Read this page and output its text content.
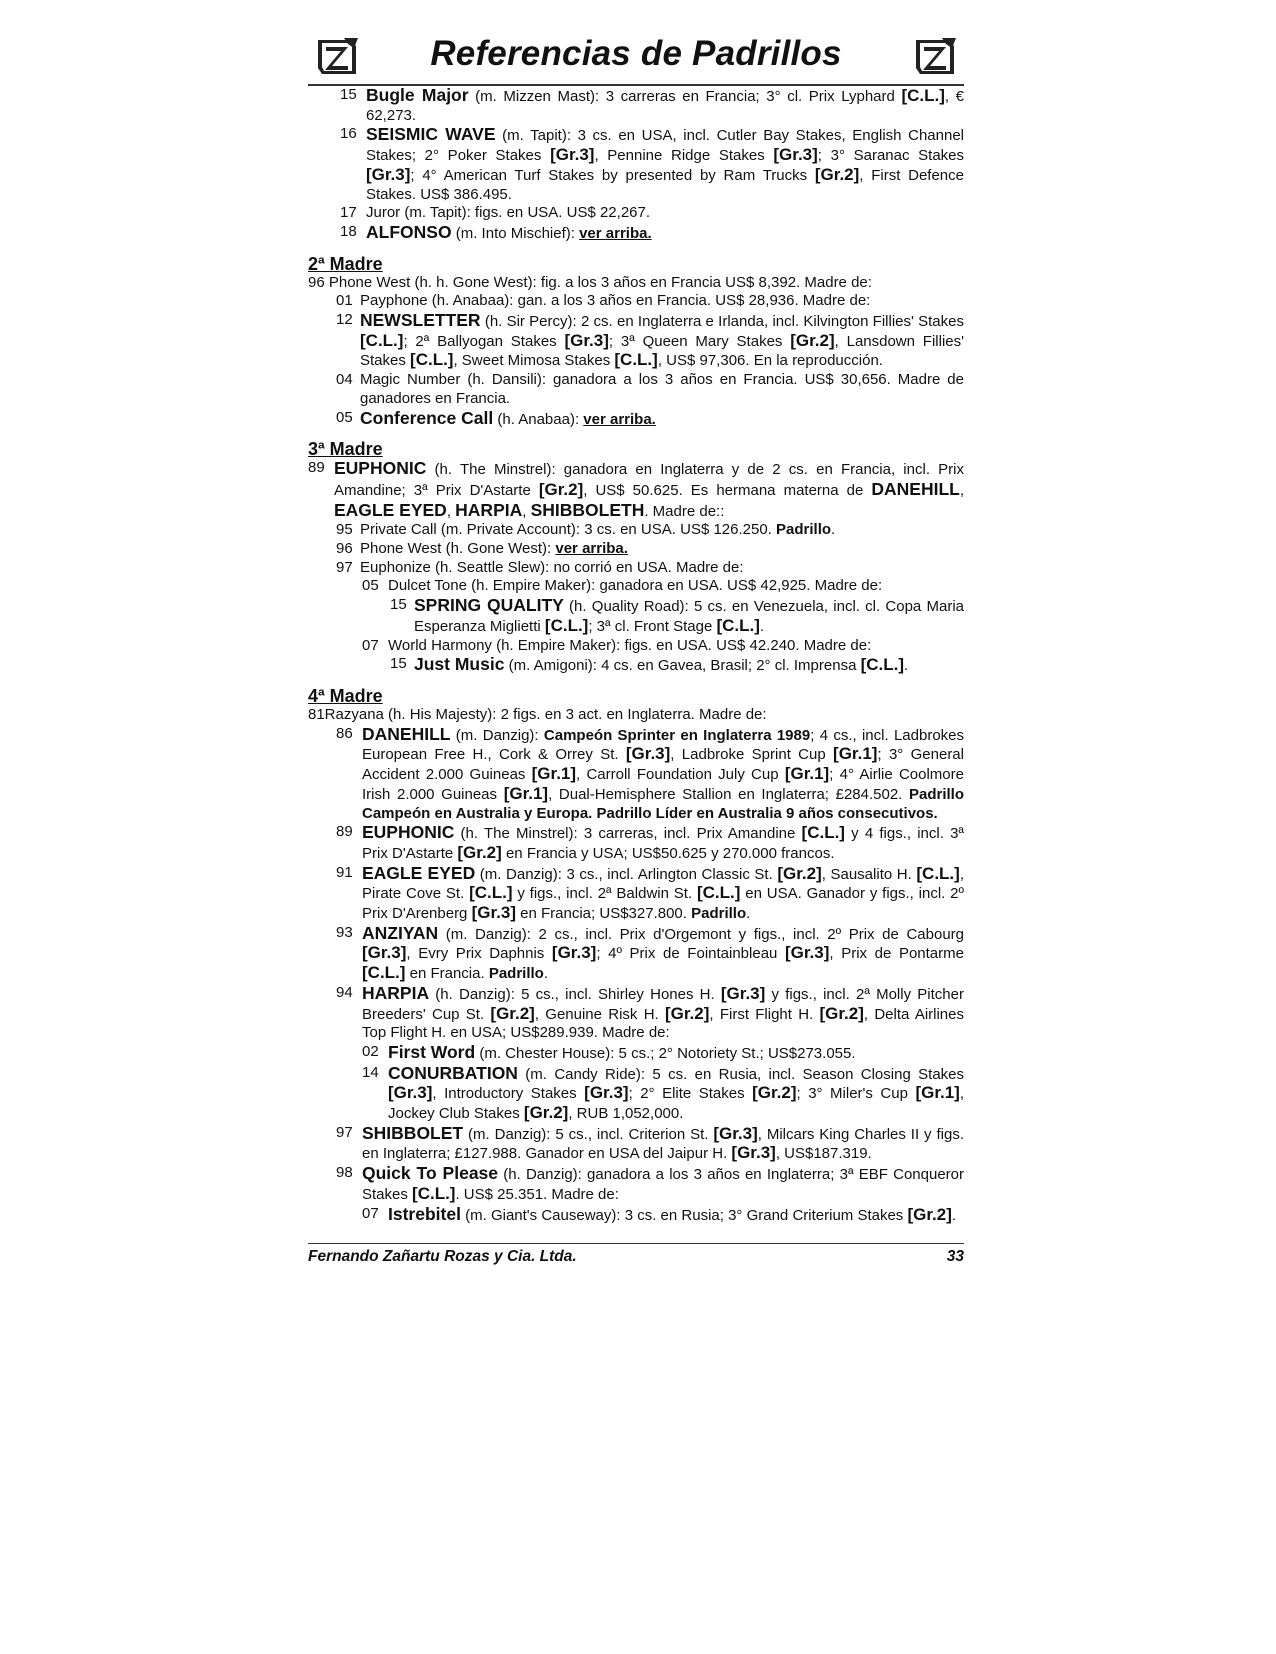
Referencias de Padrillos
15 Bugle Major (m. Mizzen Mast): 3 carreras en Francia; 3° cl. Prix Lyphard [C.L.], € 62,273.
16 SEISMIC WAVE (m. Tapit): 3 cs. en USA, incl. Cutler Bay Stakes, English Channel Stakes; 2° Poker Stakes [Gr.3], Pennine Ridge Stakes [Gr.3]; 3° Saranac Stakes [Gr.3]; 4° American Turf Stakes by presented by Ram Trucks [Gr.2], First Defence Stakes. US$ 386.495.
17 Juror (m. Tapit): figs. en USA. US$ 22,267.
18 ALFONSO (m. Into Mischief): ver arriba.
2ª Madre
96 Phone West (h. h. Gone West): fig. a los 3 años en Francia US$ 8,392. Madre de:
01 Payphone (h. Anabaa): gan. a los 3 años en Francia. US$ 28,936. Madre de:
12 NEWSLETTER (h. Sir Percy): 2 cs. en Inglaterra e Irlanda, incl. Kilvington Fillies' Stakes [C.L.]; 2ª Ballyogan Stakes [Gr.3]; 3ª Queen Mary Stakes [Gr.2], Lansdown Fillies' Stakes [C.L.], Sweet Mimosa Stakes [C.L.], US$ 97,306. En la reproducción.
04 Magic Number (h. Dansili): ganadora a los 3 años en Francia. US$ 30,656. Madre de ganadores en Francia.
05 Conference Call (h. Anabaa): ver arriba.
3ª Madre
89 EUPHONIC (h. The Minstrel): ganadora en Inglaterra y de 2 cs. en Francia, incl. Prix Amandine; 3ª Prix D'Astarte [Gr.2], US$ 50.625. Es hermana materna de DANEHILL, EAGLE EYED, HARPIA, SHIBBOLETH. Madre de::
95 Private Call (m. Private Account): 3 cs. en USA. US$ 126.250. Padrillo.
96 Phone West (h. Gone West): ver arriba.
97 Euphonize (h. Seattle Slew): no corrió en USA. Madre de:
05 Dulcet Tone (h. Empire Maker): ganadora en USA. US$ 42,925. Madre de:
15 SPRING QUALITY (h. Quality Road): 5 cs. en Venezuela, incl. cl. Copa Maria Esperanza Miglietti [C.L.]; 3ª cl. Front Stage [C.L.].
07 World Harmony (h. Empire Maker): figs. en USA. US$ 42.240. Madre de:
15 Just Music (m. Amigoni): 4 cs. en Gavea, Brasil; 2° cl. Imprensa [C.L.].
4ª Madre
81Razyana (h. His Majesty): 2 figs. en 3 act. en Inglaterra. Madre de:
86 DANEHILL (m. Danzig): Campeón Sprinter en Inglaterra 1989; 4 cs., incl. Ladbrokes European Free H., Cork & Orrey St. [Gr.3], Ladbroke Sprint Cup [Gr.1]; 3° General Accident 2.000 Guineas [Gr.1], Carroll Foundation July Cup [Gr.1]; 4° Airlie Coolmore Irish 2.000 Guineas [Gr.1], Dual-Hemisphere Stallion en Inglaterra; £284.502. Padrillo Campeón en Australia y Europa. Padrillo Líder en Australia 9 años consecutivos.
89 EUPHONIC (h. The Minstrel): 3 carreras, incl. Prix Amandine [C.L.] y 4 figs., incl. 3ª Prix D'Astarte [Gr.2] en Francia y USA; US$50.625 y 270.000 francos.
91 EAGLE EYED (m. Danzig): 3 cs., incl. Arlington Classic St. [Gr.2], Sausalito H. [C.L.], Pirate Cove St. [C.L.] y figs., incl. 2ª Baldwin St. [C.L.] en USA. Ganador y figs., incl. 2º Prix D'Arenberg [Gr.3] en Francia; US$327.800. Padrillo.
93 ANZIYAN (m. Danzig): 2 cs., incl. Prix d'Orgemont y figs., incl. 2º Prix de Cabourg [Gr.3], Evry Prix Daphnis [Gr.3]; 4º Prix de Fointainbleau [Gr.3], Prix de Pontarme [C.L.] en Francia. Padrillo.
94 HARPIA (h. Danzig): 5 cs., incl. Shirley Hones H. [Gr.3] y figs., incl. 2ª Molly Pitcher Breeders' Cup St. [Gr.2], Genuine Risk H. [Gr.2], First Flight H. [Gr.2], Delta Airlines Top Flight H. en USA; US$289.939. Madre de:
02 First Word (m. Chester House): 5 cs.; 2° Notoriety St.; US$273.055.
14 CONURBATION (m. Candy Ride): 5 cs. en Rusia, incl. Season Closing Stakes [Gr.3], Introductory Stakes [Gr.3]; 2° Elite Stakes [Gr.2]; 3° Miler's Cup [Gr.1], Jockey Club Stakes [Gr.2], RUB 1,052,000.
97 SHIBBOLET (m. Danzig): 5 cs., incl. Criterion St. [Gr.3], Milcars King Charles II y figs. en Inglaterra; £127.988. Ganador en USA del Jaipur H. [Gr.3], US$187.319.
98 Quick To Please (h. Danzig): ganadora a los 3 años en Inglaterra; 3ª EBF Conqueror Stakes [C.L.]. US$ 25.351. Madre de:
07 Istrebitel (m. Giant's Causeway): 3 cs. en Rusia; 3° Grand Criterium Stakes [Gr.2].
Fernando Zañartu Rozas y Cia. Ltda.	33
